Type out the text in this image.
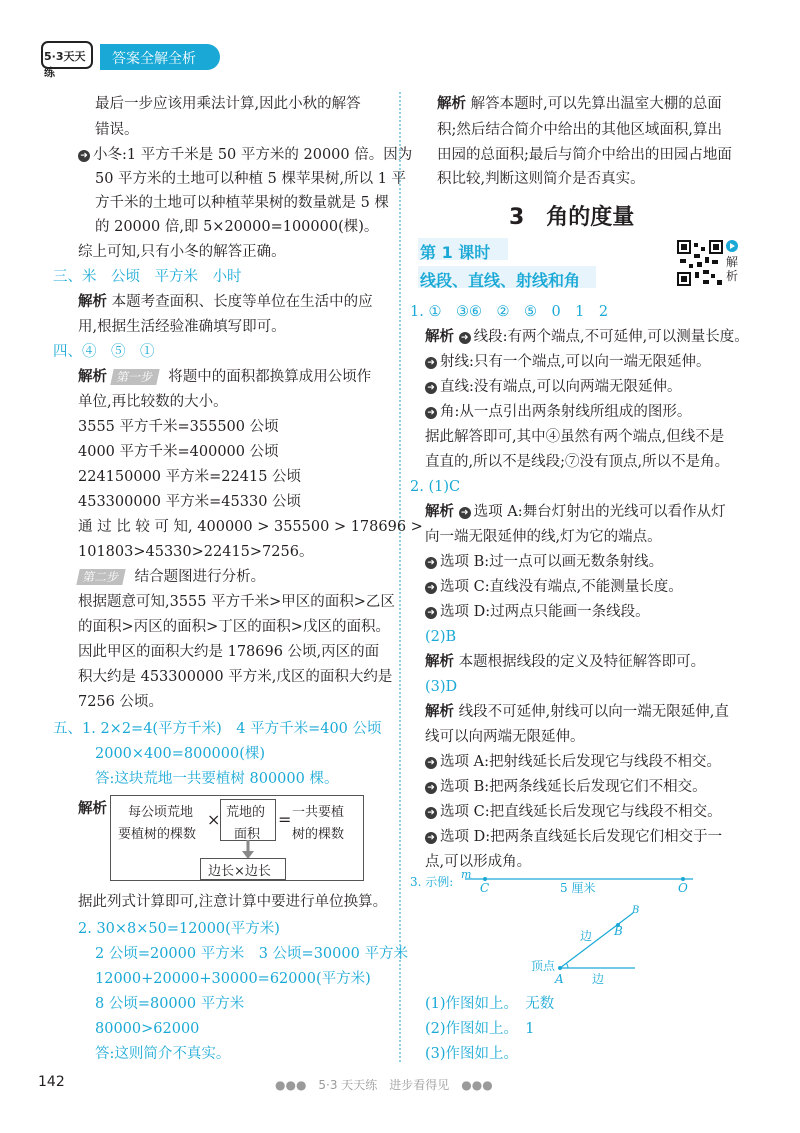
5·3天天练
答案全解全析
最后一步应该用乘法计算,因此小秋的解答
错误。
➜ 小冬:1 平方千米是 50 平方米的 20000 倍。因为
50 平方米的土地可以种植 5 棵苹果树,所以 1 平
方千米的土地可以种植苹果树的数量就是 5 棵
的 20000 倍,即 5×20000=100000(棵)。
综上可知,只有小冬的解答正确。
三、米　公顷　平方米　小时
解析 本题考查面积、长度等单位在生活中的应
用,根据生活经验准确填写即可。
四、④　⑤　①
解析 第一步 将题中的面积都换算成用公顷作
单位,再比较数的大小。
3555 平方千米=355500 公顷
4000 平方千米=400000 公顷
224150000 平方米=22415 公顷
453300000 平方米=45330 公顷
通 过 比 较 可 知, 400000 > 355500 > 178696 >
101803>45330>22415>7256。
第二步 结合题图进行分析。
根据题意可知,3555 平方千米>甲区的面积>乙区
的面积>丙区的面积>丁区的面积>戊区的面积。
因此甲区的面积大约是 178696 公顷,丙区的面
积大约是 453300000 平方米,戊区的面积大约是
7256 公顷。
五、1. 2×2=4(平方千米)　4 平方千米=400 公顷
2000×400=800000(棵)
答:这块荒地一共要植树 800000 棵。
解析 每公顷荒地
要植树的棵数
× 荒地的
面积
= 一共要植
树的棵数
边长×边长
据此列式计算即可,注意计算中要进行单位换算。
2. 30×8×50=12000(平方米)
2 公顷=20000 平方米　3 公顷=30000 平方米
12000+20000+30000=62000(平方米)
8 公顷=80000 平方米
80000>62000
答:这则简介不真实。
解析 解答本题时,可以先算出温室大棚的总面
积;然后结合简介中给出的其他区域面积,算出
田园的总面积;最后与简介中给出的田园占地面
积比较,判断这则简介是否真实。
3　角的度量
第 1 课时
线段、直线、射线和角
解析
1. ①　③⑥　②　⑤　0　1　2
解析 ➜ 线段:有两个端点,不可延伸,可以测量长度。
➜ 射线:只有一个端点,可以向一端无限延伸。
➜ 直线:没有端点,可以向两端无限延伸。
➜ 角:从一点引出两条射线所组成的图形。
据此解答即可,其中④虽然有两个端点,但线不是
直直的,所以不是线段;⑦没有顶点,所以不是角。
2. (1)C
解析 ➜ 选项 A:舞台灯射出的光线可以看作从灯
向一端无限延伸的线,灯为它的端点。
➜ 选项 B:过一点可以画无数条射线。
➜ 选项 C:直线没有端点,不能测量长度。
➜ 选项 D:过两点只能画一条线段。
(2)B
解析 本题根据线段的定义及特征解答即可。
(3)D
解析 线段不可延伸,射线可以向一端无限延伸,直
线可以向两端无限延伸。
➜ 选项 A:把射线延长后发现它与线段不相交。
➜ 选项 B:把两条线延长后发现它们不相交。
➜ 选项 C:把直线延长后发现它与线段不相交。
➜ 选项 D:把两条直线延长后发现它们相交于一
点,可以形成角。
3. 示例:
m
C	5 厘米	O
B
B
边
顶点
A 边
(1)作图如上。　无数
(2)作图如上。　1
(3)作图如上。
142	●●●　5·3 天天练　进步看得见　●●●
